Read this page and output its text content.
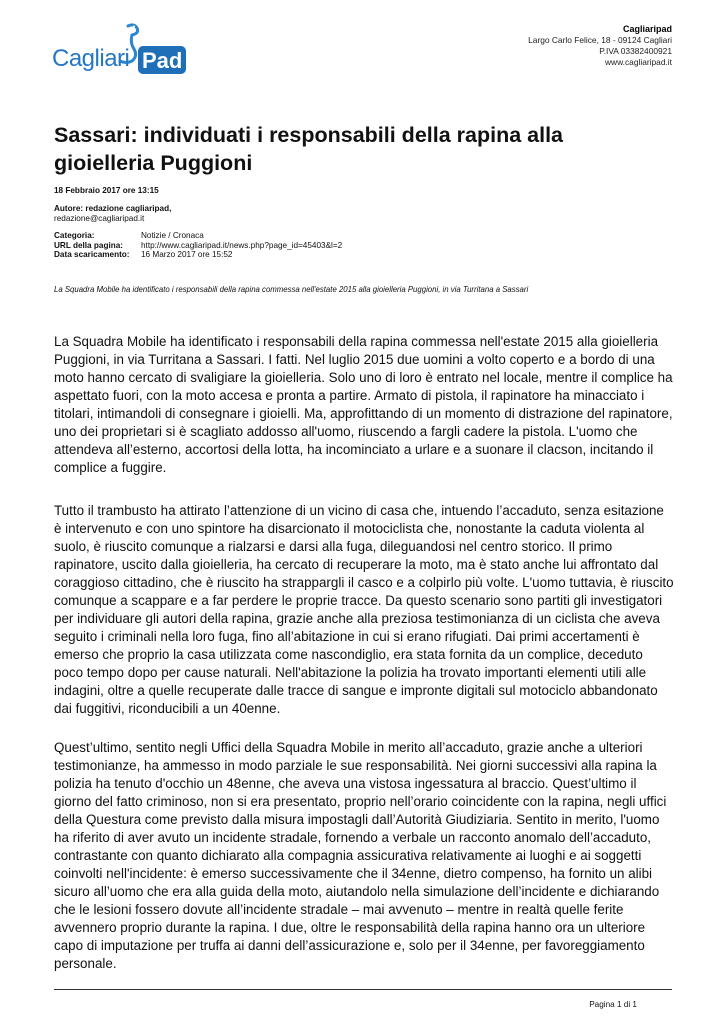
Cagliari Pad
Cagliaripad
Largo Carlo Felice, 18 - 09124 Cagliari
P.IVA 03382400921
www.cagliaripad.it
Sassari: individuati i responsabili della rapina alla gioielleria Puggioni
18 Febbraio 2017 ore 13:15
Autore: redazione cagliaripad,
redazione@cagliaripad.it
Categoria:	Notizie / Cronaca
URL della pagina:	http://www.cagliaripad.it/news.php?page_id=45403&l=2
Data scaricamento:	16 Marzo 2017 ore 15:52
La Squadra Mobile ha identificato i responsabili della rapina commessa nell'estate 2015 alla gioielleria Puggioni, in via Turritana a Sassari

La Squadra Mobile ha identificato i responsabili della rapina commessa nell'estate 2015 alla gioielleria Puggioni, in via Turritana a Sassari. I fatti. Nel luglio 2015 due uomini a volto coperto e a bordo di una moto hanno cercato di svaligiare la gioielleria. Solo uno di loro è entrato nel locale, mentre il complice ha aspettato fuori, con la moto accesa e pronta a partire. Armato di pistola, il rapinatore ha minacciato i titolari, intimandoli di consegnare i gioielli. Ma, approfittando di un momento di distrazione del rapinatore, uno dei proprietari si è scagliato addosso all'uomo, riuscendo a fargli cadere la pistola. L'uomo che attendeva all’esterno, accortosi della lotta, ha incominciato a urlare e a suonare il clacson, incitando il complice a fuggire.

Tutto il trambusto ha attirato l’attenzione di un vicino di casa che, intuendo l’accaduto, senza esitazione è intervenuto e con uno spintore ha disarcionato il motociclista che, nonostante la caduta violenta al suolo, è riuscito comunque a rialzarsi e darsi alla fuga, dileguandosi nel centro storico. Il primo rapinatore, uscito dalla gioielleria, ha cercato di recuperare la moto, ma è stato anche lui affrontato dal coraggioso cittadino, che è riuscito ha strappargli il casco e a colpirlo più volte. L'uomo tuttavia, è riuscito comunque a scappare e a far perdere le proprie tracce. Da questo scenario sono partiti gli investigatori per individuare gli autori della rapina, grazie anche alla preziosa testimonianza di un ciclista che aveva seguito i criminali nella loro fuga, fino all’abitazione in cui si erano rifugiati. Dai primi accertamenti è emerso che proprio la casa utilizzata come nascondiglio, era stata fornita da un complice, deceduto poco tempo dopo per cause naturali. Nell'abitazione la polizia ha trovato importanti elementi utili alle indagini, oltre a quelle recuperate dalle tracce di sangue e impronte digitali sul motociclo abbandonato dai fuggitivi, riconducibili a un 40enne.

Quest’ultimo, sentito negli Uffici della Squadra Mobile in merito all’accaduto, grazie anche a ulteriori testimonianze, ha ammesso in modo parziale le sue responsabilità. Nei giorni successivi alla rapina la polizia ha tenuto d'occhio un 48enne, che aveva una vistosa ingessatura al braccio. Quest’ultimo il giorno del fatto criminoso, non si era presentato, proprio nell’orario coincidente con la rapina, negli uffici della Questura come previsto dalla misura impostagli dall’Autorità Giudiziaria. Sentito in merito, l'uomo ha riferito di aver avuto un incidente stradale, fornendo a verbale un racconto anomalo dell’accaduto, contrastante con quanto dichiarato alla compagnia assicurativa relativamente ai luoghi e ai soggetti coinvolti nell'incidente: è emerso successivamente che il 34enne, dietro compenso, ha fornito un alibi sicuro all’uomo che era alla guida della moto, aiutandolo nella simulazione dell’incidente e dichiarando che le lesioni fossero dovute all’incidente stradale – mai avvenuto – mentre in realtà quelle ferite avvennero proprio durante la rapina. I due, oltre le responsabilità della rapina hanno ora un ulteriore capo di imputazione per truffa ai danni dell’assicurazione e, solo per il 34enne, per favoreggiamento personale.

Pagina 1 di 1
